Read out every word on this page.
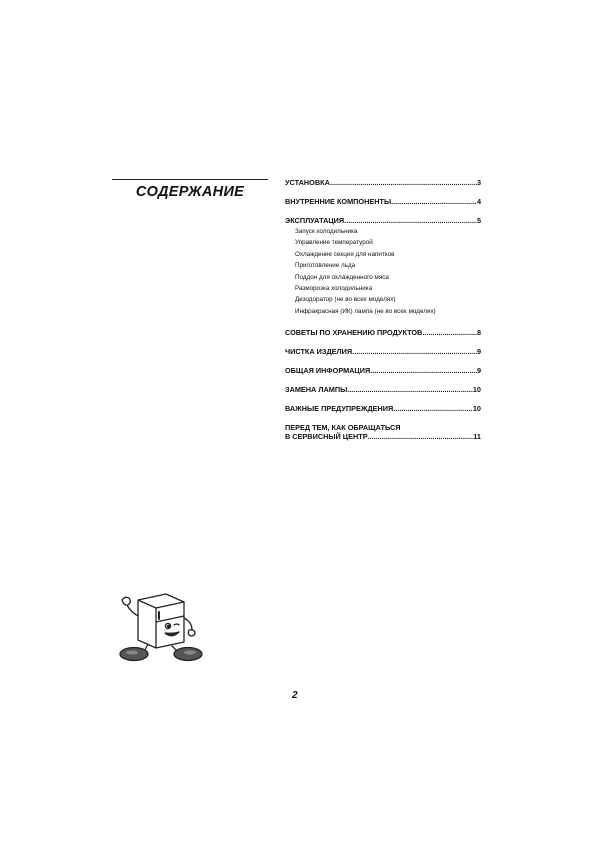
СОДЕРЖАНИЕ
УСТАНОВКА .....	3
ВНУТРЕННИЕ КОМПОНЕНТЫ .....	4
ЭКСПЛУАТАЦИЯ .....	5
Запуск холодильника
Управление температурой
Охлаждение секция для напитков
Приготовление льда
Поддон для охлажденного мяса
Разморозка холодильника
Дезодоратор (не во всех моделях)
Инфракрасная (ИК) лампа (не во всех моделях)
СОВЕТЫ ПО ХРАНЕНИЮ ПРОДУКТОВ .....	8
ЧИСТКА ИЗДЕЛИЯ .....	9
ОБЩАЯ ИНФОРМАЦИЯ .....	9
ЗАМЕНА ЛАМПЫ .....	10
ВАЖНЫЕ ПРЕДУПРЕЖДЕНИЯ .....	10
ПЕРЕД ТЕМ, КАК ОБРАЩАТЬСЯ
В СЕРВИСНЫЙ ЦЕНТР .....	11
2
